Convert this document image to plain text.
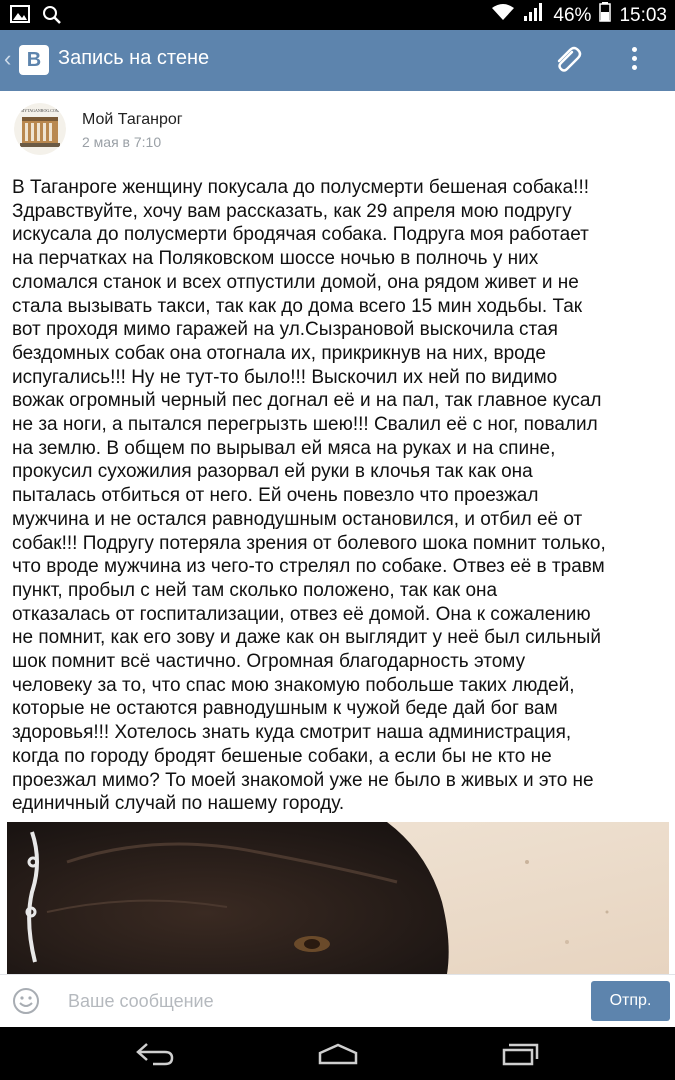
46% 15:03
‹ В Запись на стене
MYTAGANROG.COM
Мой Таганрог
2 мая в 7:10
В Таганроге женщину покусала до полусмерти бешеная собака!!!
Здравствуйте, хочу вам рассказать, как 29 апреля мою подругу
искусала до полусмерти бродячая собака. Подруга моя работает
на перчатках на Поляковском шоссе ночью в полночь у них
сломался станок и всех отпустили домой, она рядом живет и не
стала вызывать такси, так как до дома всего 15 мин ходьбы. Так
вот проходя мимо гаражей на ул.Сызрановой выскочила стая
бездомных собак она отогнала их, прикрикнув на них, вроде
испугались!!! Ну не тут-то было!!! Выскочил их ней по видимо
вожак огромный черный пес догнал её и на пал, так главное кусал
не за ноги, а пытался перегрызть шею!!! Свалил её с ног, повалил
на землю. В общем по вырывал ей мяса на руках и на спине,
прокусил сухожилия разорвал ей руки в клочья так как она
пыталась отбиться от него. Ей очень повезло что проезжал
мужчина и не остался равнодушным остановился, и отбил её от
собак!!! Подругу потеряла зрения от болевого шока помнит только,
что вроде мужчина из чего-то стрелял по собаке. Отвез её в травм
пункт, пробыл с ней там сколько положено, так как она
отказалась от госпитализации, отвез её домой. Она к сожалению
не помнит, как его зову и даже как он выглядит у неё был сильный
шок помнит всё частично. Огромная благодарность этому
человеку за то, что спас мою знакомую побольше таких людей,
которые не остаются равнодушным к чужой беде дай бог вам
здоровья!!! Хотелось знать куда смотрит наша администрация,
когда по городу бродят бешеные собаки, а если бы не кто не
проезжал мимо? То моей знакомой уже не было в живых и это не
единичный случай по нашему городу.
Ваше сообщение
Отпр.
